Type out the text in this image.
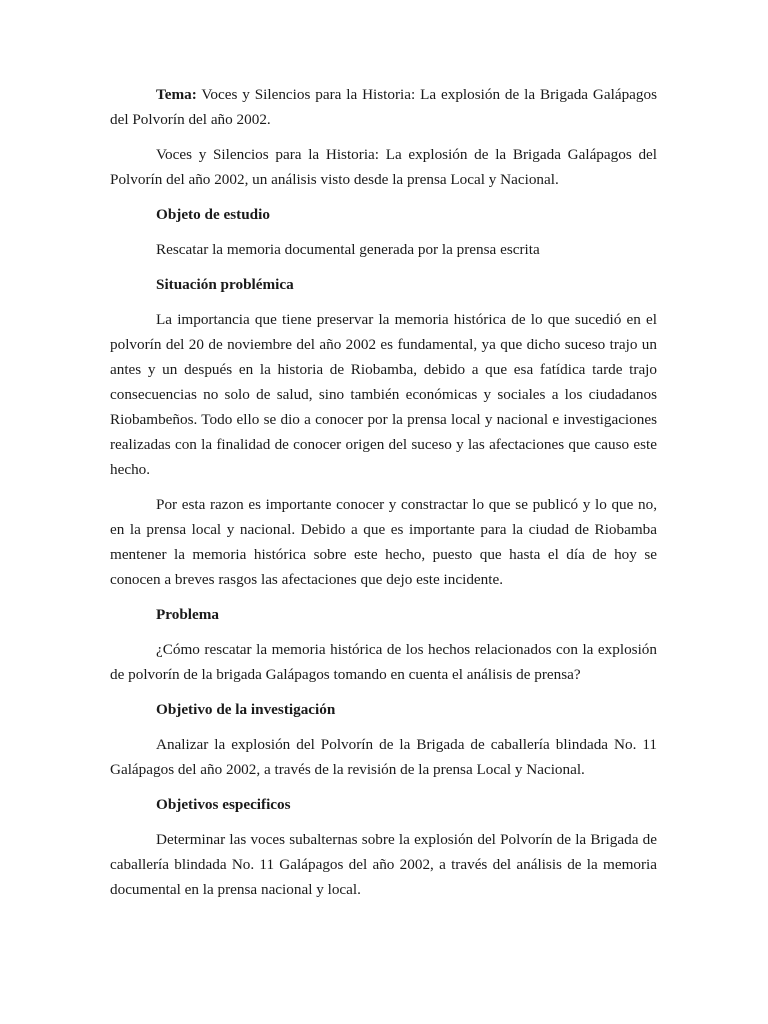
Tema: Voces y Silencios para la Historia: La explosión de la Brigada Galápagos del Polvorín del año 2002.

Voces y Silencios para la Historia: La explosión de la Brigada Galápagos del Polvorín del año 2002, un análisis visto desde la prensa Local y Nacional.

Objeto de estudio

Rescatar la memoria documental generada por la prensa escrita

Situación problémica

La importancia que tiene preservar la memoria histórica de lo que sucedió en el polvorín del 20 de noviembre del año 2002 es fundamental, ya que dicho suceso trajo un antes y un después en la historia de Riobamba, debido a que esa fatídica tarde trajo consecuencias no solo de salud, sino también económicas y sociales a los ciudadanos Riobambeños. Todo ello se dio a conocer por la prensa local y nacional e investigaciones realizadas con la finalidad de conocer origen del suceso y las afectaciones que causo este hecho.

Por esta razon es importante conocer y constractar lo que se publicó y lo que no, en la prensa local y nacional. Debido a que es importante para la ciudad de Riobamba mentener la memoria histórica sobre este hecho, puesto que hasta el día de hoy se conocen a breves rasgos las afectaciones que dejo este incidente.

Problema

¿Cómo rescatar la memoria histórica de los hechos relacionados con la explosión de polvorín de la brigada Galápagos tomando en cuenta el análisis de prensa?

Objetivo de la investigación

Analizar la explosión del Polvorín de la Brigada de caballería blindada No. 11 Galápagos del año 2002, a través de la revisión de la prensa Local y Nacional.

Objetivos especificos

Determinar las voces subalternas sobre la explosión del Polvorín de la Brigada de caballería blindada No. 11 Galápagos del año 2002, a través del análisis de la memoria documental en la prensa nacional y local.
